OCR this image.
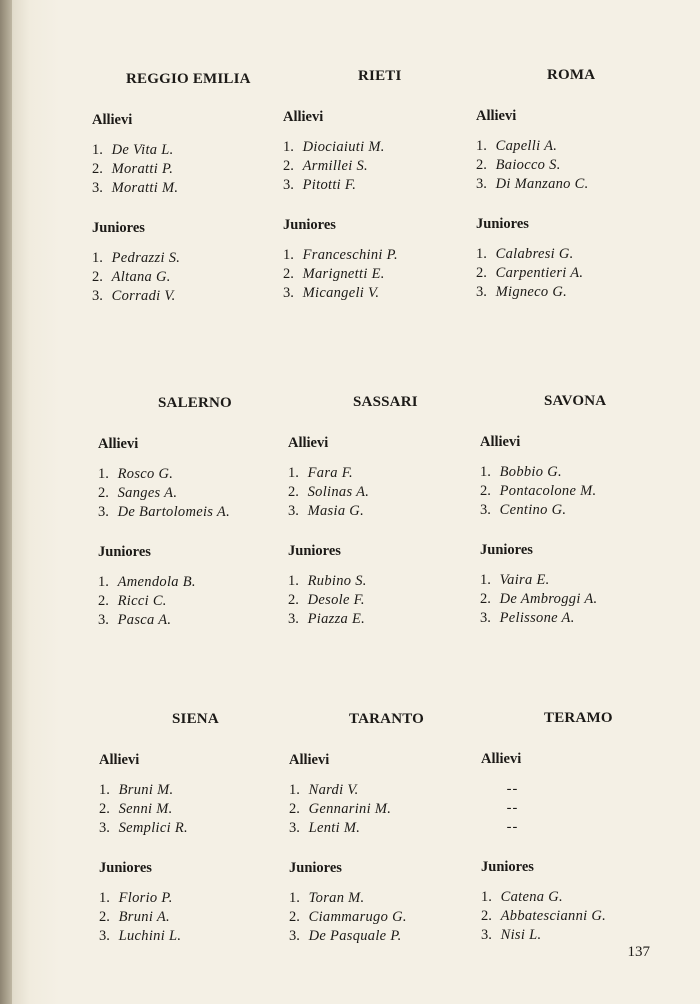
REGGIO EMILIA
Allievi
1. De Vita L.
2. Moratti P.
3. Moratti M.
Juniores
1. Pedrazzi S.
2. Altana G.
3. Corradi V.
RIETI
Allievi
1. Diociaiuti M.
2. Armillei S.
3. Pitotti F.
Juniores
1. Franceschini P.
2. Marignetti E.
3. Micangeli V.
ROMA
Allievi
1. Capelli A.
2. Baiocco S.
3. Di Manzano C.
Juniores
1. Calabresi G.
2. Carpentieri A.
3. Migneco G.
SALERNO
Allievi
1. Rosco G.
2. Sanges A.
3. De Bartolomeis A.
Juniores
1. Amendola B.
2. Ricci C.
3. Pasca A.
SASSARI
Allievi
1. Fara F.
2. Solinas A.
3. Masia G.
Juniores
1. Rubino S.
2. Desole F.
3. Piazza E.
SAVONA
Allievi
1. Bobbio G.
2. Pontacolone M.
3. Centino G.
Juniores
1. Vaira E.
2. De Ambroggi A.
3. Pelissone A.
SIENA
Allievi
1. Bruni M.
2. Senni M.
3. Semplici R.
Juniores
1. Florio P.
2. Bruni A.
3. Luchini L.
TARANTO
Allievi
1. Nardi V.
2. Gennarini M.
3. Lenti M.
Juniores
1. Toran M.
2. Ciammarugo G.
3. De Pasquale P.
TERAMO
Allievi
--
--
--
Juniores
1. Catena G.
2. Abbatescianni G.
3. Nisi L.
137
